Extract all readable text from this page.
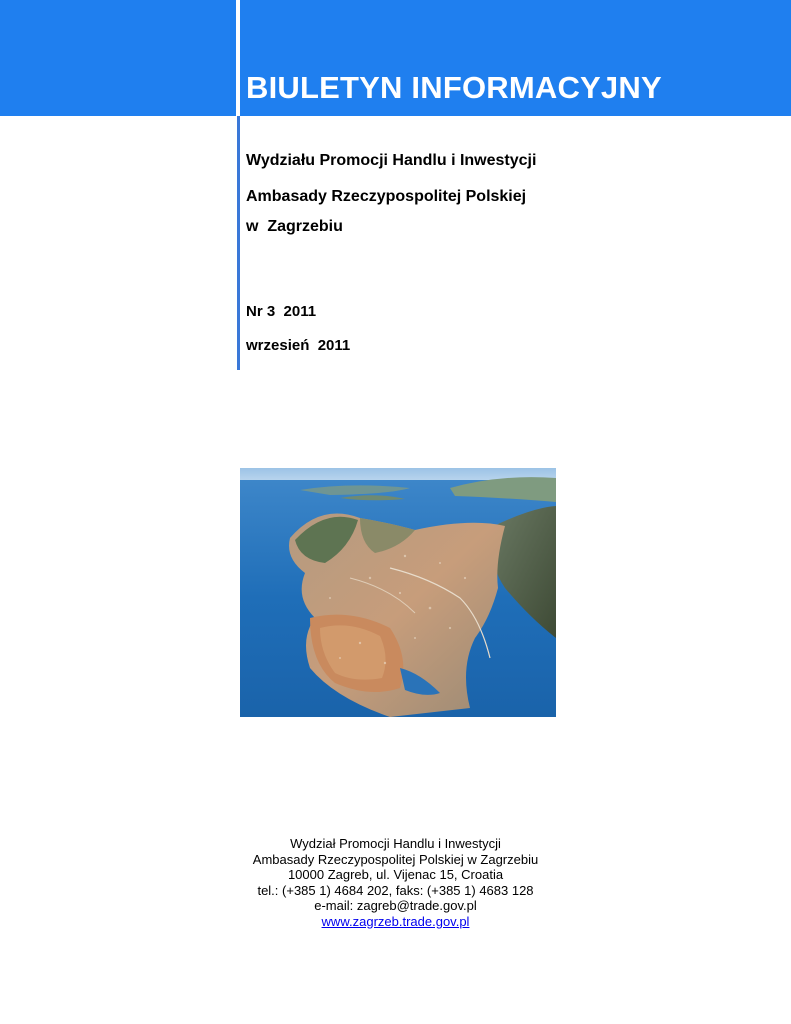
BIULETYN INFORMACYJNY
Wydziału Promocji Handlu i Inwestycji
Ambasady Rzeczypospolitej Polskiej
w  Zagrzebiu
Nr 3  2011
wrzesień  2011
Wydział Promocji Handlu i Inwestycji
Ambasady Rzeczypospolitej Polskiej w Zagrzebiu
10000 Zagreb, ul. Vijenac 15, Croatia
tel.: (+385 1) 4684 202, faks: (+385 1) 4683 128
e-mail: zagreb@trade.gov.pl
www.zagrzeb.trade.gov.pl
